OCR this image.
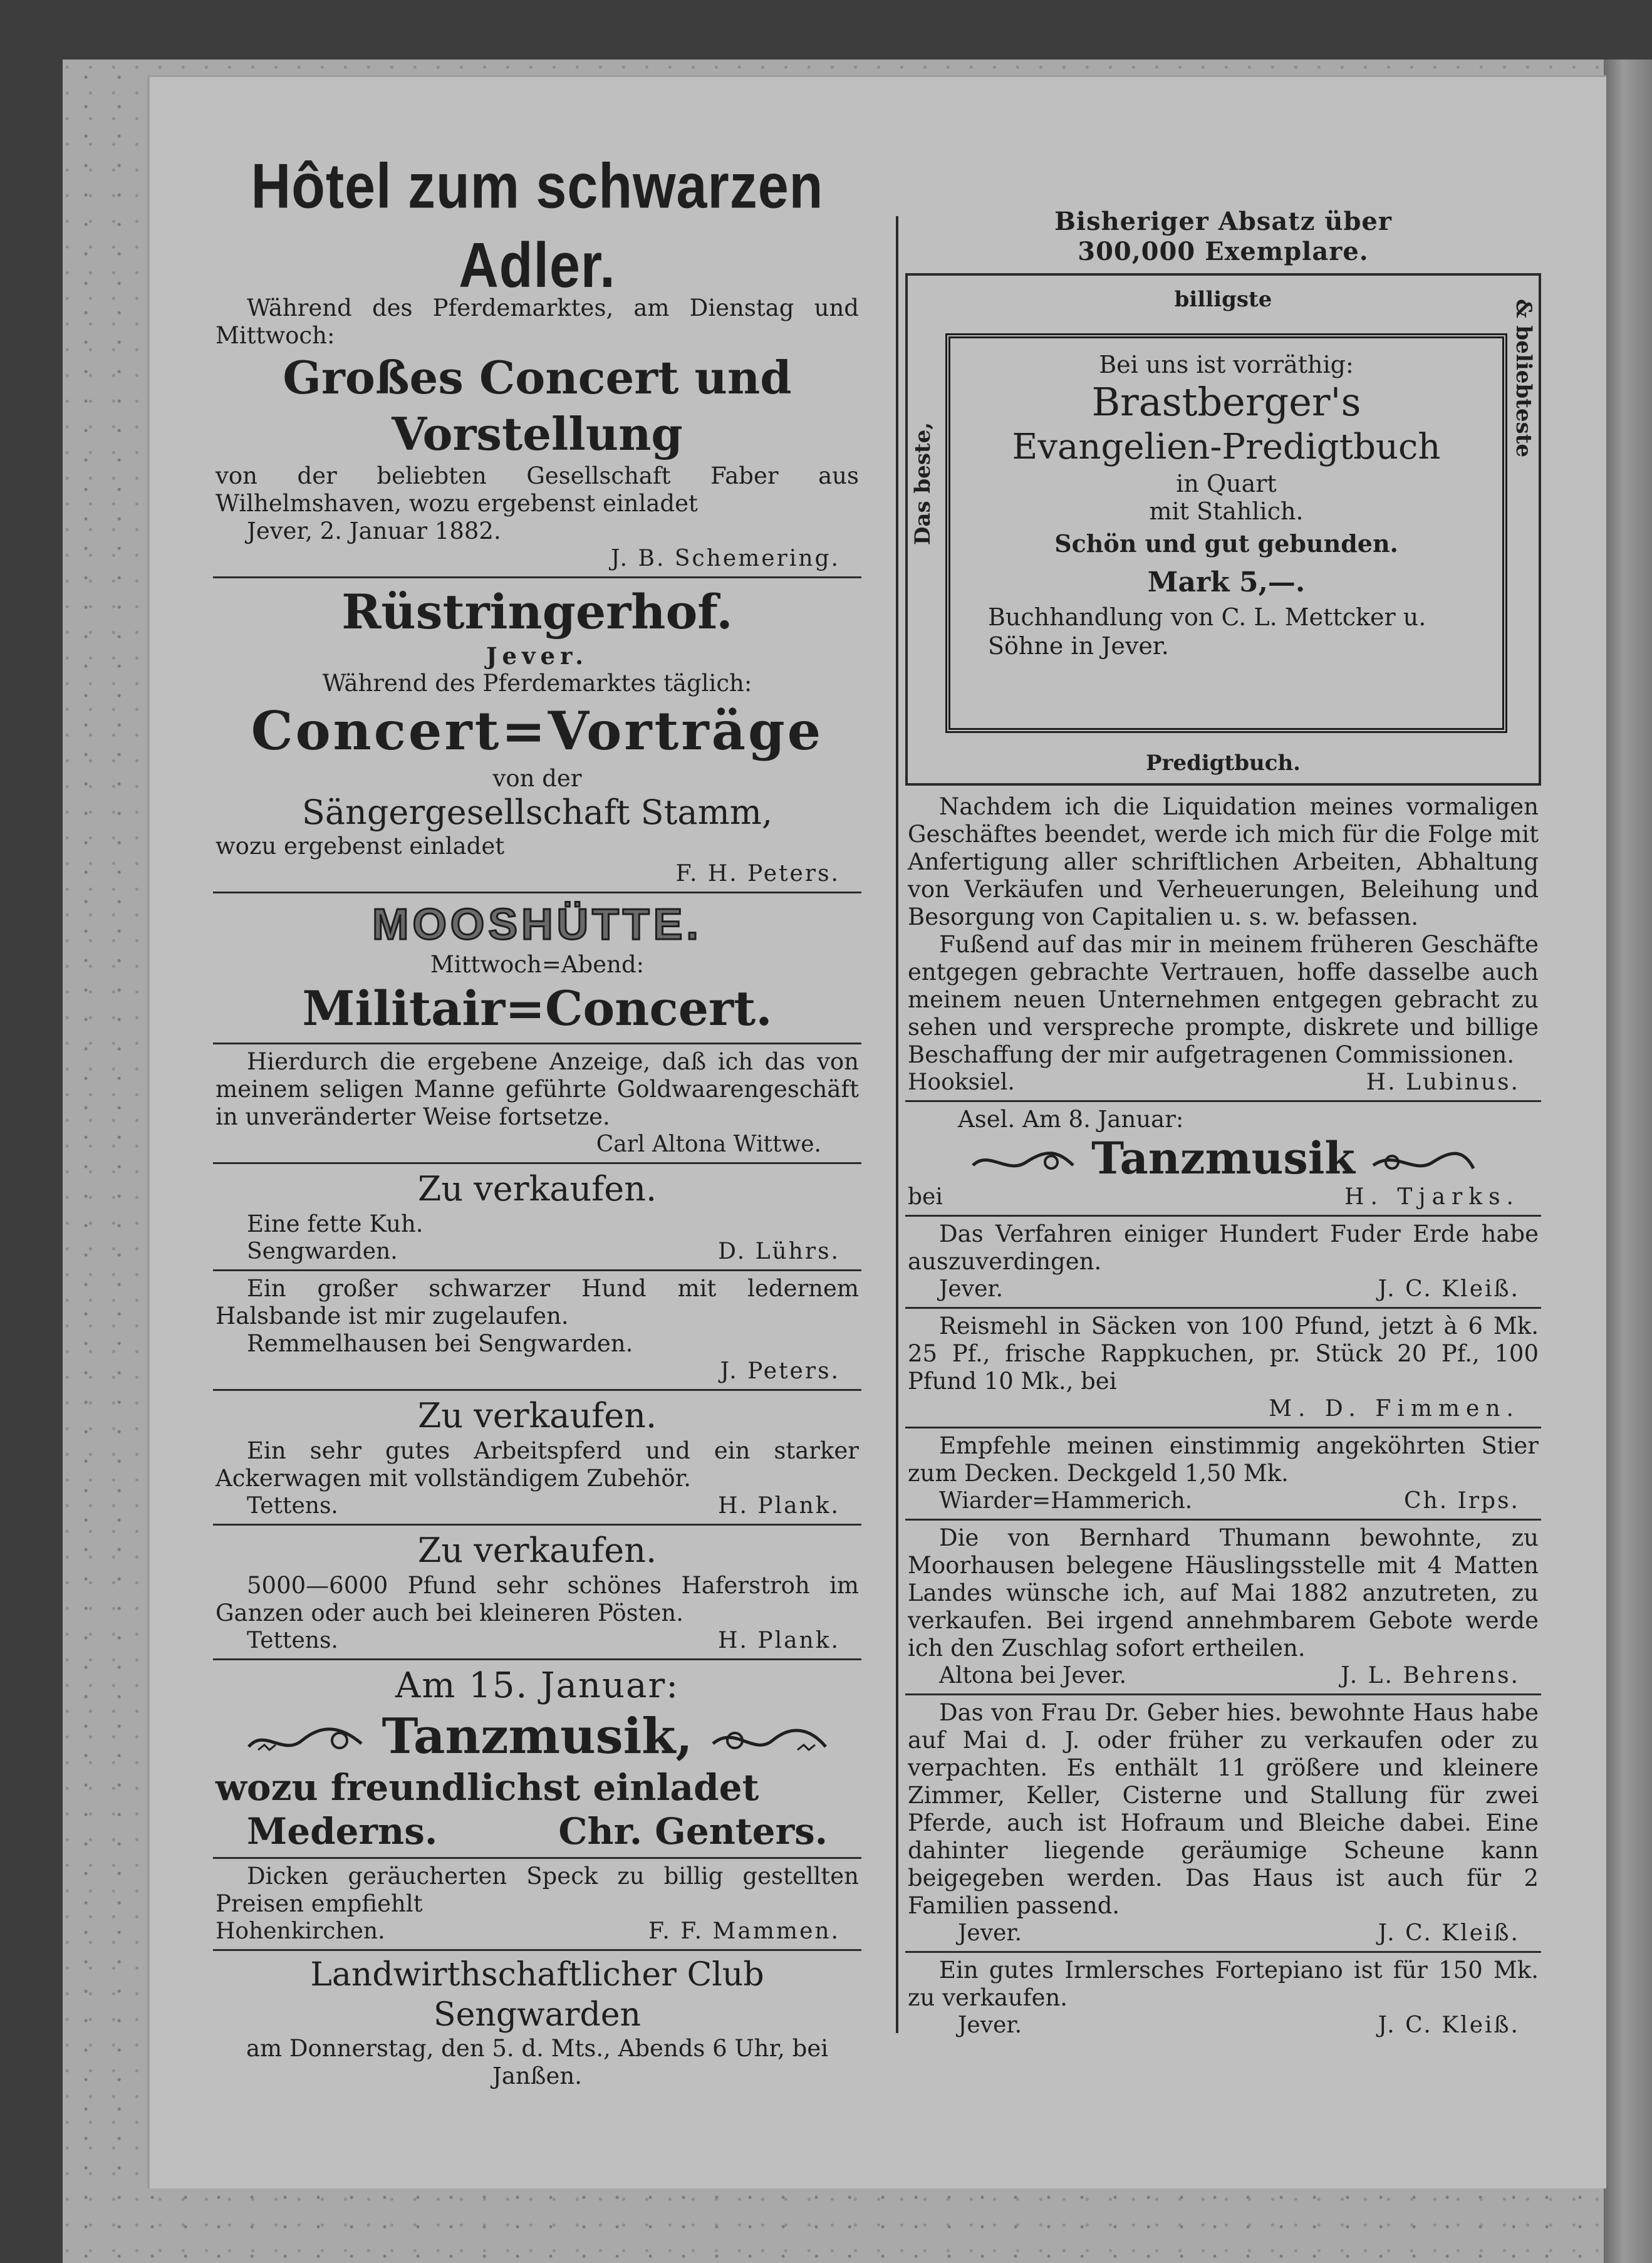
Hôtel zum schwarzen Adler.

Während des Pferdemarktes, am Dienstag und Mittwoch:

Großes Concert und

Vorstellung

von der beliebten Gesellschaft Faber aus Wilhelmshaven, wozu ergebenst einladet

Jever, 2. Januar 1882.

J. B. Schemering.

Rüstringerhof.

Jever.

Während des Pferdemarktes täglich:

Concert=Vorträge

von der

Sängergesellschaft Stamm,

wozu ergebenst einladet

F. H. Peters.

MOOSHÜTTE.

Mittwoch=Abend:

Militair=Concert.

Hierdurch die ergebene Anzeige, daß ich das von meinem seligen Manne geführte Goldwaarengeschäft in unveränderter Weise fortsetze.

Carl Altona Wittwe.

Zu verkaufen.

Eine fette Kuh.

Sengwarden.	D. Lührs.

Ein großer schwarzer Hund mit ledernem Halsbande ist mir zugelaufen.

Remmelhausen bei Sengwarden.

J. Peters.

Zu verkaufen.

Ein sehr gutes Arbeitspferd und ein starker Ackerwagen mit vollständigem Zubehör.

Tettens.	H. Plank.

Zu verkaufen.

5000—6000 Pfund sehr schönes Haferstroh im Ganzen oder auch bei kleineren Pösten.

Tettens.	H. Plank.

Am 15. Januar:

Tanzmusik,

wozu freundlichst einladet

Mederns.	Chr. Genters.

Dicken geräucherten Speck zu billig gestellten Preisen empfiehlt

Hohenkirchen.	F. F. Mammen.

Landwirthschaftlicher Club Sengwarden

am Donnerstag, den 5. d. Mts., Abends 6 Uhr, bei Janßen.

Bisheriger Absatz über

300,000 Exemplare.

billigste
Das beste,
& beliebteste
Predigtbuch.

Bei uns ist vorräthig:

Brastberger's

Evangelien-Predigtbuch

in Quart

mit Stahlich.

Schön und gut gebunden.

Mark 5,—.

Buchhandlung von C. L. Mettcker u. Söhne in Jever.

Nachdem ich die Liquidation meines vormaligen Geschäftes beendet, werde ich mich für die Folge mit Anfertigung aller schriftlichen Arbeiten, Abhaltung von Verkäufen und Verheuerungen, Beleihung und Besorgung von Capitalien u. s. w. befassen.

Fußend auf das mir in meinem früheren Geschäfte entgegen gebrachte Vertrauen, hoffe dasselbe auch meinem neuen Unternehmen entgegen gebracht zu sehen und verspreche prompte, diskrete und billige Beschaffung der mir aufgetragenen Commissionen.

Hooksiel.	H. Lubinus.

Asel. Am 8. Januar:

Tanzmusik

bei	H. Tjarks.

Das Verfahren einiger Hundert Fuder Erde habe auszuverdingen.

Jever.	J. C. Kleiß.

Reismehl in Säcken von 100 Pfund, jetzt à 6 Mk. 25 Pf., frische Rappkuchen, pr. Stück 20 Pf., 100 Pfund 10 Mk., bei

M. D. Fimmen.

Empfehle meinen einstimmig angeköhrten Stier zum Decken. Deckgeld 1,50 Mk.

Wiarder=Hammerich.	Ch. Irps.

Die von Bernhard Thumann bewohnte, zu Moorhausen belegene Häuslingsstelle mit 4 Matten Landes wünsche ich, auf Mai 1882 anzutreten, zu verkaufen. Bei irgend annehmbarem Gebote werde ich den Zuschlag sofort ertheilen.

Altona bei Jever.	J. L. Behrens.

Das von Frau Dr. Geber hies. bewohnte Haus habe auf Mai d. J. oder früher zu verkaufen oder zu verpachten. Es enthält 11 größere und kleinere Zimmer, Keller, Cisterne und Stallung für zwei Pferde, auch ist Hofraum und Bleiche dabei. Eine dahinter liegende geräumige Scheune kann beigegeben werden. Das Haus ist auch für 2 Familien passend.

Jever.	J. C. Kleiß.

Ein gutes Irmlersches Fortepiano ist für 150 Mk. zu verkaufen.

Jever.	J. C. Kleiß.
